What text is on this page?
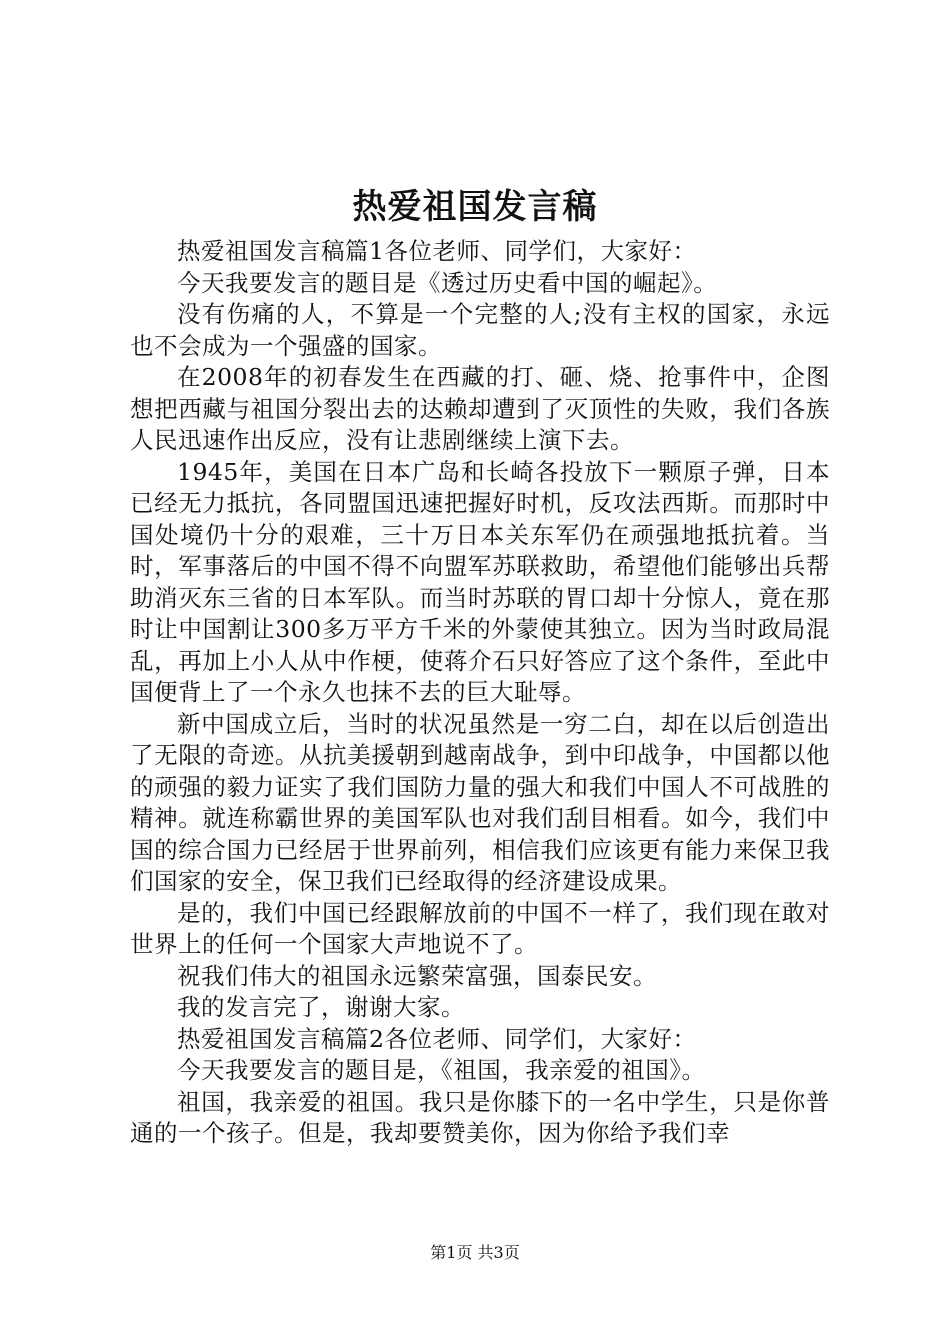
热爱祖国发言稿

热爱祖国发言稿篇1各位老师、同学们，大家好：

今天我要发言的题目是《透过历史看中国的崛起》。

没有伤痛的人，不算是一个完整的人;没有主权的国家，永远也不会成为一个强盛的国家。

在2008年的初春发生在西藏的打、砸、烧、抢事件中，企图想把西藏与祖国分裂出去的达赖却遭到了灭顶性的失败，我们各族人民迅速作出反应，没有让悲剧继续上演下去。

1945年，美国在日本广岛和长崎各投放下一颗原子弹，日本已经无力抵抗，各同盟国迅速把握好时机，反攻法西斯。而那时中国处境仍十分的艰难，三十万日本关东军仍在顽强地抵抗着。当时，军事落后的中国不得不向盟军苏联救助，希望他们能够出兵帮助消灭东三省的日本军队。而当时苏联的胃口却十分惊人，竟在那时让中国割让300多万平方千米的外蒙使其独立。因为当时政局混乱，再加上小人从中作梗，使蒋介石只好答应了这个条件，至此中国便背上了一个永久也抹不去的巨大耻辱。

新中国成立后，当时的状况虽然是一穷二白，却在以后创造出了无限的奇迹。从抗美援朝到越南战争，到中印战争，中国都以他的顽强的毅力证实了我们国防力量的强大和我们中国人不可战胜的精神。就连称霸世界的美国军队也对我们刮目相看。如今，我们中国的综合国力已经居于世界前列，相信我们应该更有能力来保卫我们国家的安全，保卫我们已经取得的经济建设成果。

是的，我们中国已经跟解放前的中国不一样了，我们现在敢对世界上的任何一个国家大声地说不了。

祝我们伟大的祖国永远繁荣富强，国泰民安。

我的发言完了，谢谢大家。

热爱祖国发言稿篇2各位老师、同学们，大家好：

今天我要发言的题目是，《祖国，我亲爱的祖国》。

祖国，我亲爱的祖国。我只是你膝下的一名中学生，只是你普通的一个孩子。但是，我却要赞美你，因为你给予我们幸

第1页 共3页
